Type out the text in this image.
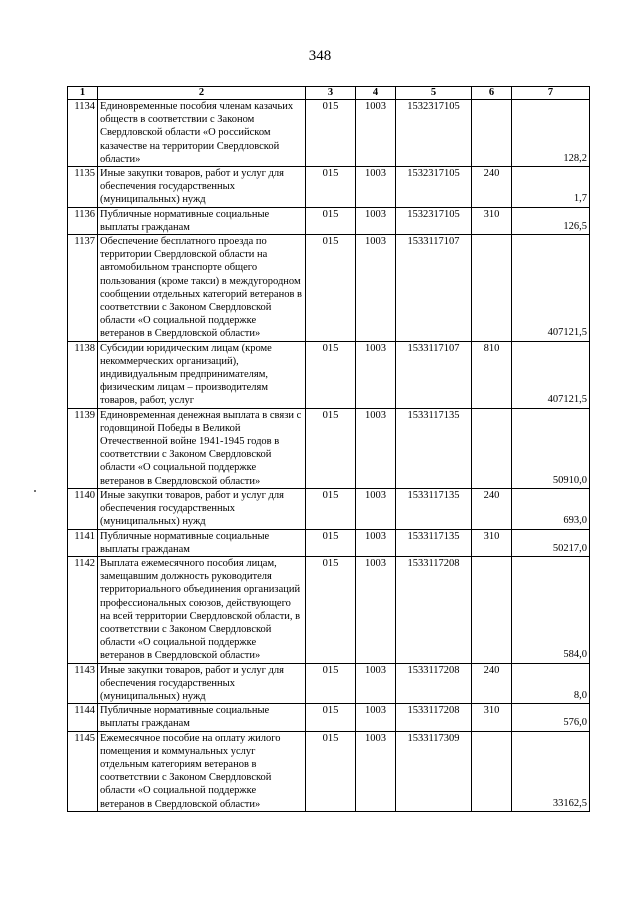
348
1	2	3	4	5	6	7
1134	Единовременные пособия членам казачьих обществ в соответствии с Законом Свердловской области «О российском казачестве на территории Свердловской области»	015	1003	1532317105		128,2
1135	Иные закупки товаров, работ и услуг для обеспечения государственных (муниципальных) нужд	015	1003	1532317105	240	1,7
1136	Публичные нормативные социальные выплаты гражданам	015	1003	1532317105	310	126,5
1137	Обеспечение бесплатного проезда по территории Свердловской области на автомобильном транспорте общего пользования (кроме такси) в междугородном сообщении отдельных категорий ветеранов в соответствии с Законом Свердловской области «О социальной поддержке ветеранов в Свердловской области»	015	1003	1533117107		407121,5
1138	Субсидии юридическим лицам (кроме некоммерческих организаций), индивидуальным предпринимателям, физическим лицам – производителям товаров, работ, услуг	015	1003	1533117107	810	407121,5
1139	Единовременная денежная выплата в связи с годовщиной Победы в Великой Отечественной войне 1941-1945 годов в соответствии с Законом Свердловской области «О социальной поддержке ветеранов в Свердловской области»	015	1003	1533117135		50910,0
1140	Иные закупки товаров, работ и услуг для обеспечения государственных (муниципальных) нужд	015	1003	1533117135	240	693,0
1141	Публичные нормативные социальные выплаты гражданам	015	1003	1533117135	310	50217,0
1142	Выплата ежемесячного пособия лицам, замещавшим должность руководителя территориального объединения организаций профессиональных союзов, действующего на всей территории Свердловской области, в соответствии с Законом Свердловской области «О социальной поддержке ветеранов в Свердловской области»	015	1003	1533117208		584,0
1143	Иные закупки товаров, работ и услуг для обеспечения государственных (муниципальных) нужд	015	1003	1533117208	240	8,0
1144	Публичные нормативные социальные выплаты гражданам	015	1003	1533117208	310	576,0
1145	Ежемесячное пособие на оплату жилого помещения и коммунальных услуг отдельным категориям ветеранов в соответствии с Законом Свердловской области «О социальной поддержке ветеранов в Свердловской области»	015	1003	1533117309		33162,5
